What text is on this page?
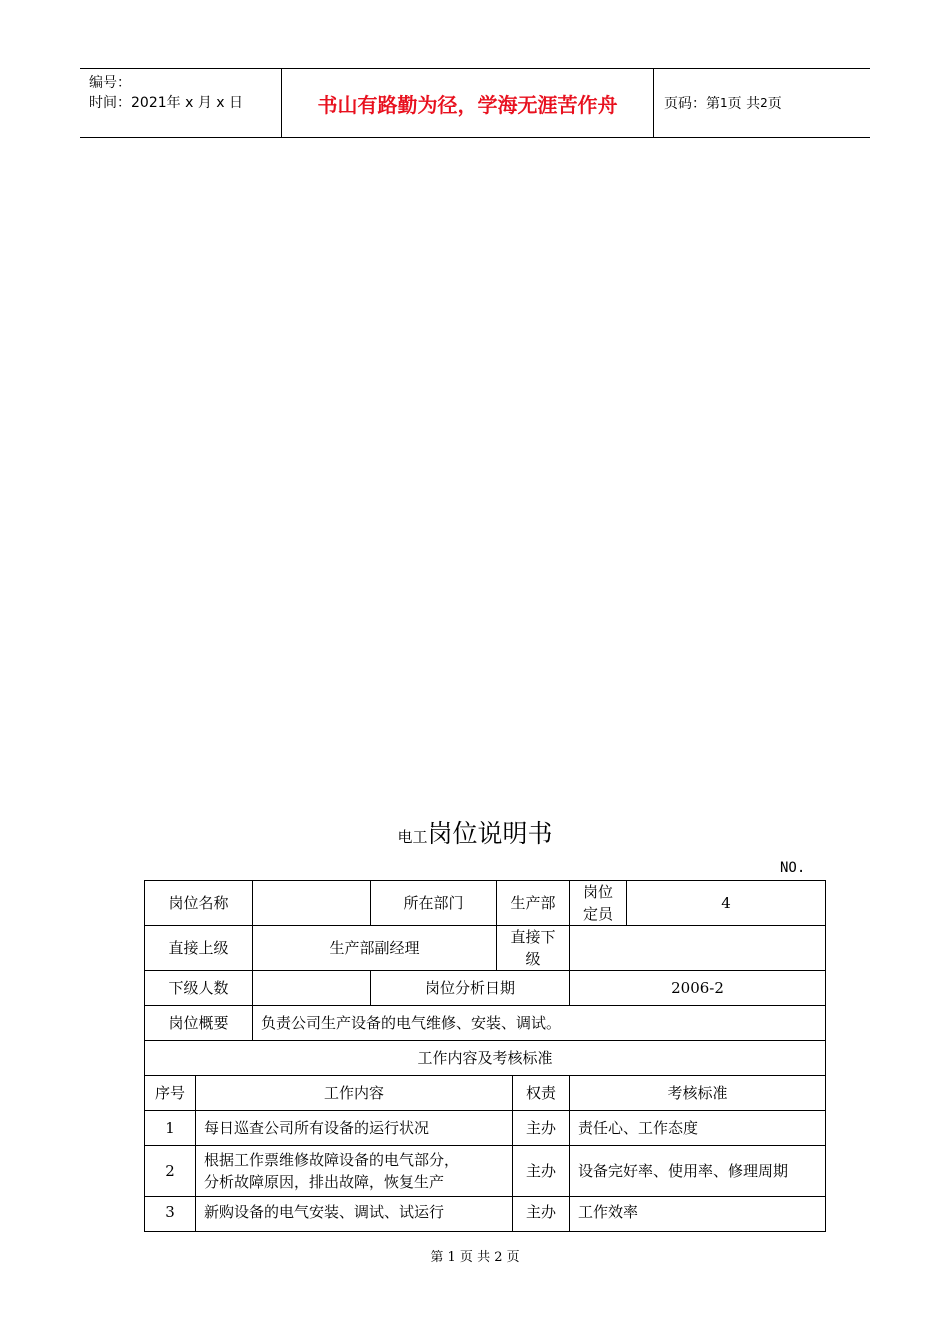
编号：
时间：2021年 x 月 x 日	书山有路勤为径，学海无涯苦作舟	页码：第 1 页 共 2 页
电工岗位说明书
NO.
岗位名称			所在部门	生产部		岗位定员	4
直接上级		生产部副经理		直接下级			
下级人数			岗位分析日期			2006-2	
岗位概要		负责公司生产设备的电气维修、安装、调试。					
工作内容及考核标准							
序号	工作内容				权责	考核标准	
1	每日巡查公司所有设备的运行状况				主办	责任心、工作态度	
2	根据工作票维修故障设备的电气部分，
分析故障原因，排出故障，恢复生产				主办	设备完好率、使用率、修理周期	
3	新购设备的电气安装、调试、试运行				主办	工作效率	
第 1 页 共 2 页
